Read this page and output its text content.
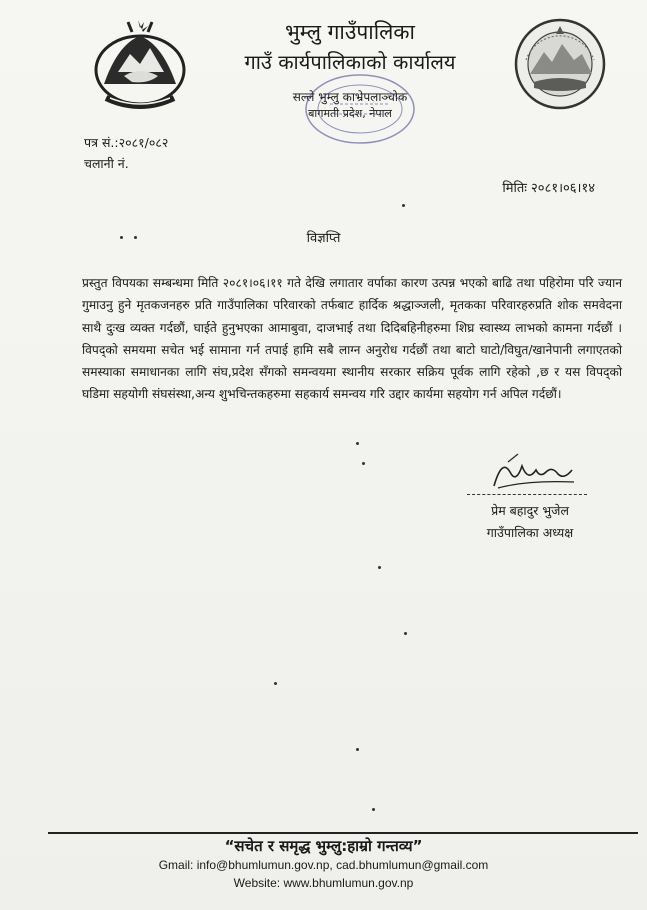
भुम्लु गाउँपालिका
गाउँ कार्यपालिकाको कार्यालय
सल्ले भुम्लु काभ्रेपलाञ्चोक
बागमती प्रदेश, नेपाल
पत्र सं.:२०८१/०८२
चलानी नं.
मितिः २०८१।०६।१४
विज्ञप्ति
प्रस्तुत विपयका सम्बन्धमा मिति २०८१।०६।११ गते देखि लगातार वर्पाका कारण उत्पन्न भएको बाढि तथा पहिरोमा परि ज्यान गुमाउनु हुने मृतकजनहरु प्रति गाउँपालिका परिवारको तर्फबाट हार्दिक श्रद्धाञ्जली, मृतकका परिवारहरुप्रति शोक समवेदना साथै दुःख व्यक्त गर्दछौं, घाईते हुनुभएका आमाबुवा, दाजभाई तथा दिदिबहिनीहरुमा शिघ्र स्वास्थ्य लाभको कामना गर्दछौं । विपद्को समयमा सचेत भई सामाना गर्न तपाई हामि सबै लाग्न अनुरोध गर्दछौं तथा बाटो घाटो/विघुत/खानेपानी लगाएतको समस्याका समाधानका लागि संघ,प्रदेश सँगको समन्वयमा स्थानीय सरकार सक्रिय पूर्वक लागि रहेको ,छ र यस विपद्को घडिमा सहयोगी संघसंस्था,अन्य शुभचिन्तकहरुमा सहकार्य समन्वय गरि उद्दार कार्यमा सहयोग गर्न अपिल गर्दछौं।
प्रेम बहादुर भुजेल
गाउँपालिका अध्यक्ष
“सचेत र समृद्ध भुम्लु:हाम्रो गन्तव्य”
Gmail: info@bhumlumun.gov.np, cad.bhumlumun@gmail.com
Website: www.bhumlumun.gov.np
